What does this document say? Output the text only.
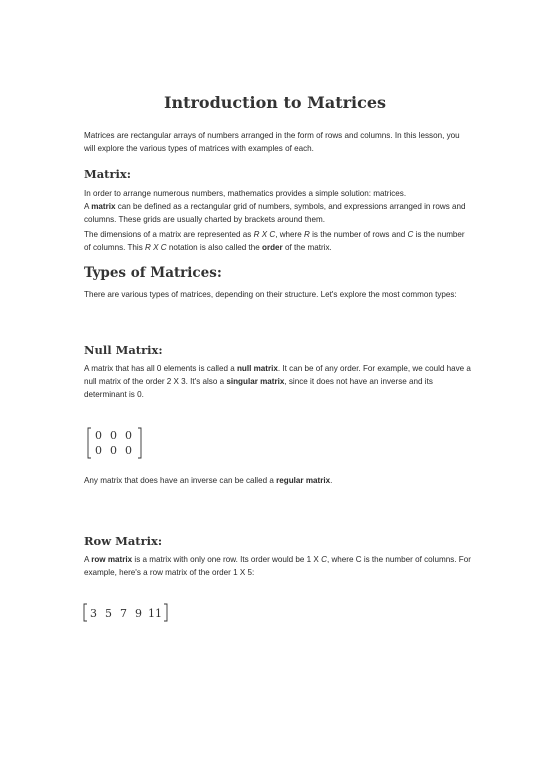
Introduction to Matrices
Matrices are rectangular arrays of numbers arranged in the form of rows and columns. In this lesson, you will explore the various types of matrices with examples of each.
Matrix:
In order to arrange numerous numbers, mathematics provides a simple solution: matrices.
A matrix can be defined as a rectangular grid of numbers, symbols, and expressions arranged in rows and columns. These grids are usually charted by brackets around them.
The dimensions of a matrix are represented as R X C, where R is the number of rows and C is the number of columns. This R X C notation is also called the order of the matrix.
Types of Matrices:
There are various types of matrices, depending on their structure. Let's explore the most common types:
Null Matrix:
A matrix that has all 0 elements is called a null matrix. It can be of any order. For example, we could have a null matrix of the order 2 X 3. It's also a singular matrix, since it does not have an inverse and its determinant is 0.
0 0 0
0 0 0
Any matrix that does have an inverse can be called a regular matrix.
Row Matrix:
A row matrix is a matrix with only one row. Its order would be 1 X C, where C is the number of columns. For example, here's a row matrix of the order 1 X 5:
3 5 7 9 11
